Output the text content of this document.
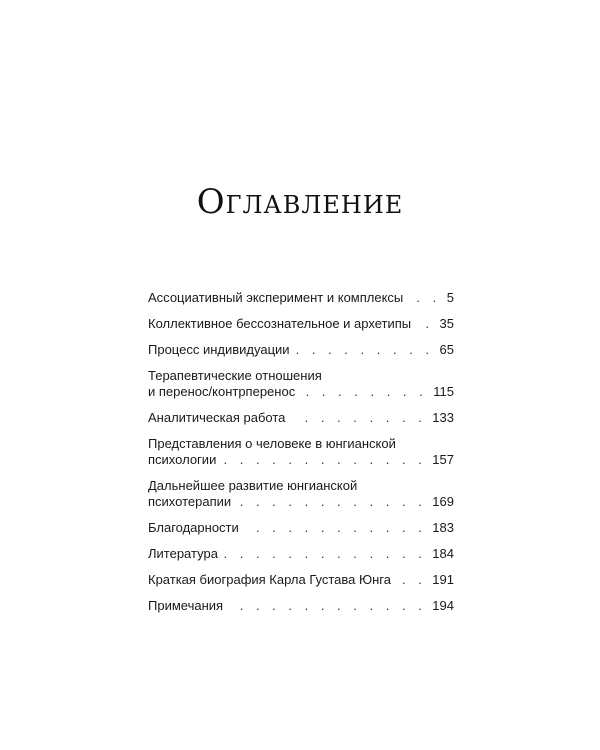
Оглавление
Ассоциативный эксперимент и комплексы . . .	5
Коллективное бессознательное и архетипы . . . 35
Процесс индивидуации . . .	65
Терапевтические отношения
и перенос/контрперенос . . .	115
Аналитическая работа . . .	133
Представления о человеке в юнгианской
психологии . . .	157
Дальнейшее развитие юнгианской
психотерапии . . .	169
Благодарности . . .	183
Литература . . .	184
Краткая биография Карла Густава Юнга . . .	191
Примечания . . .	194
